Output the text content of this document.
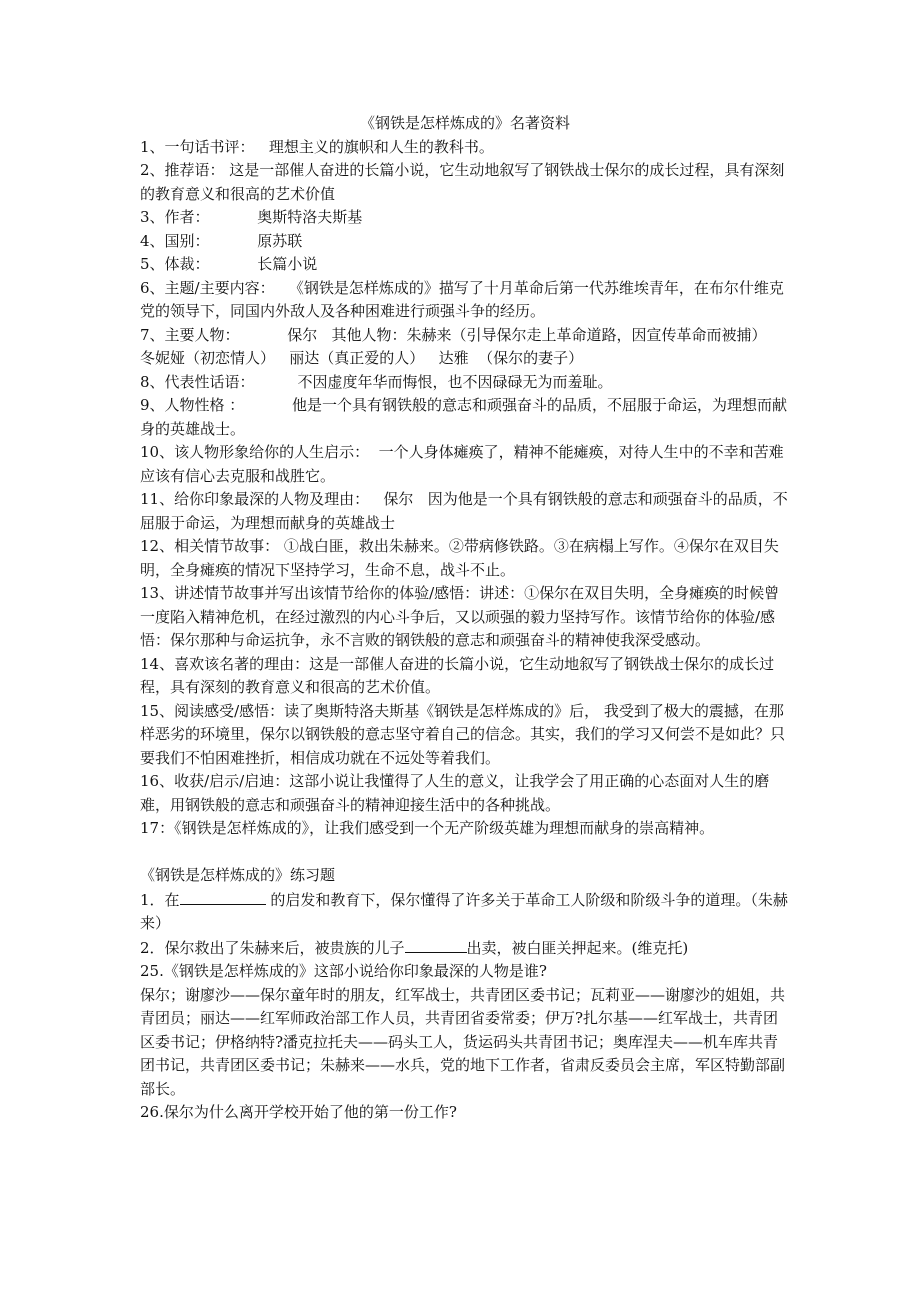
《钢铁是怎样炼成的》名著资料

1、一句话书评：   理想主义的旗帜和人生的教科书。

2、推荐语： 这是一部催人奋进的长篇小说，它生动地叙写了钢铁战士保尔的成长过程，具有深刻的教育意义和很高的艺术价值

3、作者：          奥斯特洛夫斯基

4、国别：          原苏联

5、体裁：          长篇小说

6、主题/主要内容：   《钢铁是怎样炼成的》描写了十月革命后第一代苏维埃青年，在布尔什维克党的领导下，同国内外敌人及各种困难进行顽强斗争的经历。

7、主要人物：          保尔   其他人物：朱赫来（引导保尔走上革命道路，因宣传革命而被捕）   冬妮娅（初恋情人）   丽达（真正爱的人）   达雅  （保尔的妻子）

8、代表性话语：         不因虚度年华而悔恨，也不因碌碌无为而羞耻。

9、人物性格 ：          他是一个具有钢铁般的意志和顽强奋斗的品质，不屈服于命运，为理想而献身的英雄战士。

10、该人物形象给你的人生启示：  一个人身体瘫痪了，精神不能瘫痪，对待人生中的不幸和苦难应该有信心去克服和战胜它。

11、给你印象最深的人物及理由：   保尔   因为他是一个具有钢铁般的意志和顽强奋斗的品质，不屈服于命运，为理想而献身的英雄战士

12、相关情节故事： ①战白匪，救出朱赫来。②带病修铁路。③在病榻上写作。④保尔在双目失明，全身瘫痪的情况下坚持学习，生命不息，战斗不止。

13、讲述情节故事并写出该情节给你的体验/感悟：讲述：①保尔在双目失明，全身瘫痪的时候曾一度陷入精神危机，在经过激烈的内心斗争后，又以顽强的毅力坚持写作。该情节给你的体验/感悟：保尔那种与命运抗争，永不言败的钢铁般的意志和顽强奋斗的精神使我深受感动。

14、喜欢该名著的理由：这是一部催人奋进的长篇小说，它生动地叙写了钢铁战士保尔的成长过程，具有深刻的教育意义和很高的艺术价值。

15、阅读感受/感悟：读了奥斯特洛夫斯基《钢铁是怎样炼成的》后， 我受到了极大的震撼，在那样恶劣的环境里，保尔以钢铁般的意志坚守着自己的信念。其实，我们的学习又何尝不是如此？只要我们不怕困难挫折，相信成功就在不远处等着我们。

16、收获/启示/启迪：这部小说让我懂得了人生的意义，让我学会了用正确的心态面对人生的磨难，用钢铁般的意志和顽强奋斗的精神迎接生活中的各种挑战。

17：《钢铁是怎样炼成的》，让我们感受到一个无产阶级英雄为理想而献身的崇高精神。

《钢铁是怎样炼成的》练习题

1．在	的启发和教育下，保尔懂得了许多关于革命工人阶级和阶级斗争的道理。（朱赫来）

2．保尔救出了朱赫来后，被贵族的儿子	出卖，被白匪关押起来。(维克托)

25.《钢铁是怎样炼成的》这部小说给你印象最深的人物是谁?

保尔；谢廖沙——保尔童年时的朋友，红军战士，共青团区委书记；瓦莉亚——谢廖沙的姐姐，共青团员；丽达——红军师政治部工作人员，共青团省委常委；伊万?扎尔基——红军战士，共青团区委书记；伊格纳特?潘克拉托夫——码头工人，货运码头共青团书记；奥库涅夫——机车库共青团书记，共青团区委书记；朱赫来——水兵，党的地下工作者，省肃反委员会主席，军区特勤部副部长。

26.保尔为什么离开学校开始了他的第一份工作?
